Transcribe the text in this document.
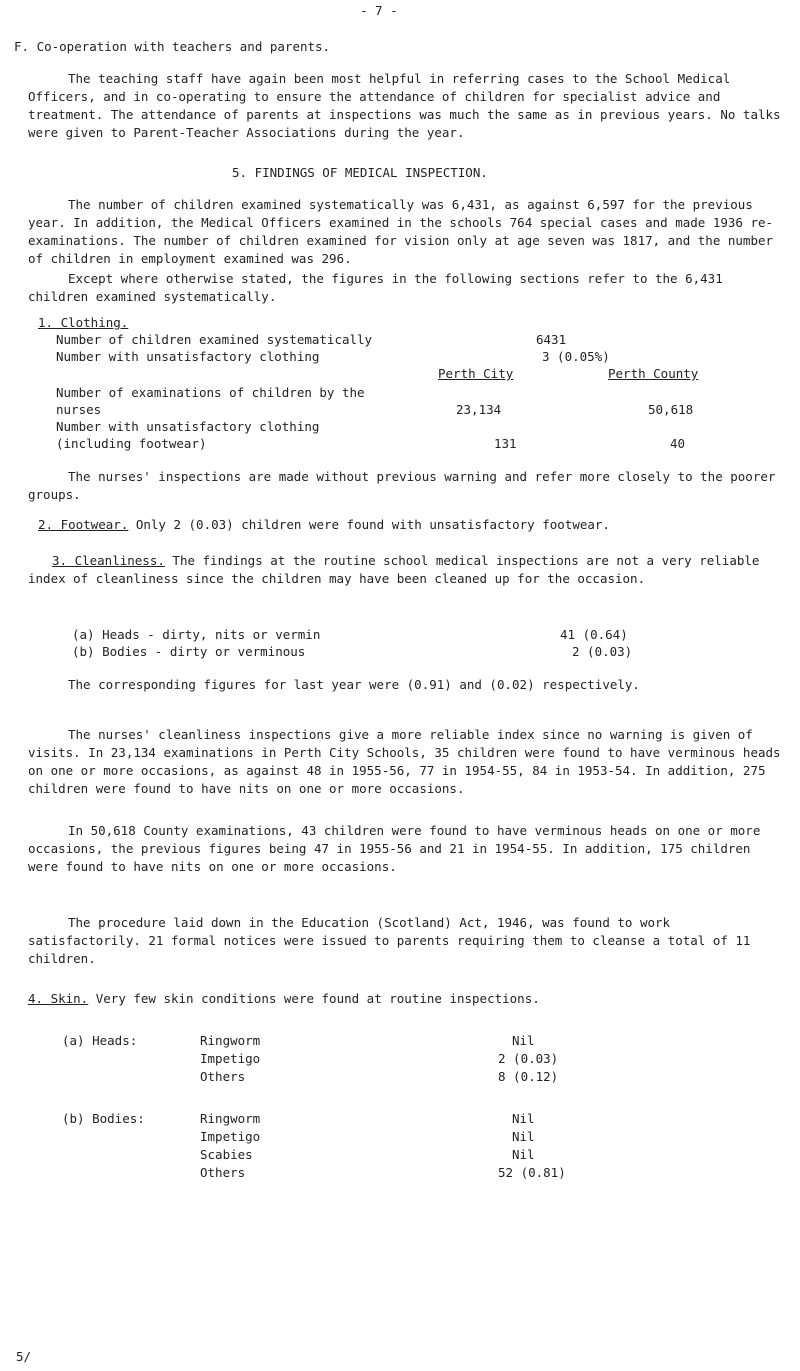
- 7 -
F. Co-operation with teachers and parents.
The teaching staff have again been most helpful in referring cases to the School Medical Officers, and in co-operating to ensure the attendance of children for specialist advice and treatment. The attendance of parents at inspections was much the same as in previous years. No talks were given to Parent-Teacher Associations during the year.
5. FINDINGS OF MEDICAL INSPECTION.
The number of children examined systematically was 6,431, as against 6,597 for the previous year. In addition, the Medical Officers examined in the schools 764 special cases and made 1936 re-examinations. The number of children examined for vision only at age seven was 1817, and the number of children in employment examined was 296.
Except where otherwise stated, the figures in the following sections refer to the 6,431 children examined systematically.
1. Clothing.
Number of children examined systematically	6431
Number with unsatisfactory clothing	3 (0.05%)
Perth City	Perth County
Number of examinations of children by the
nurses	23,134	50,618
Number with unsatisfactory clothing
(including footwear)	131	40
The nurses' inspections are made without previous warning and refer more closely to the poorer groups.
2. Footwear. Only 2 (0.03) children were found with unsatisfactory footwear.
3. Cleanliness. The findings at the routine school medical inspections are not a very reliable index of cleanliness since the children may have been cleaned up for the occasion.
(a) Heads - dirty, nits or vermin	41 (0.64)
(b) Bodies - dirty or verminous	2 (0.03)
The corresponding figures for last year were (0.91) and (0.02) respectively.
The nurses' cleanliness inspections give a more reliable index since no warning is given of visits. In 23,134 examinations in Perth City Schools, 35 children were found to have verminous heads on one or more occasions, as against 48 in 1955-56, 77 in 1954-55, 84 in 1953-54. In addition, 275 children were found to have nits on one or more occasions.
In 50,618 County examinations, 43 children were found to have verminous heads on one or more occasions, the previous figures being 47 in 1955-56 and 21 in 1954-55. In addition, 175 children were found to have nits on one or more occasions.
The procedure laid down in the Education (Scotland) Act, 1946, was found to work satisfactorily. 21 formal notices were issued to parents requiring them to cleanse a total of 11 children.
4. Skin. Very few skin conditions were found at routine inspections.
(a) Heads:	Ringworm	Nil
Impetigo	2 (0.03)
Others	8 (0.12)
(b) Bodies:	Ringworm	Nil
Impetigo	Nil
Scabies	Nil
Others	52 (0.81)
5/
